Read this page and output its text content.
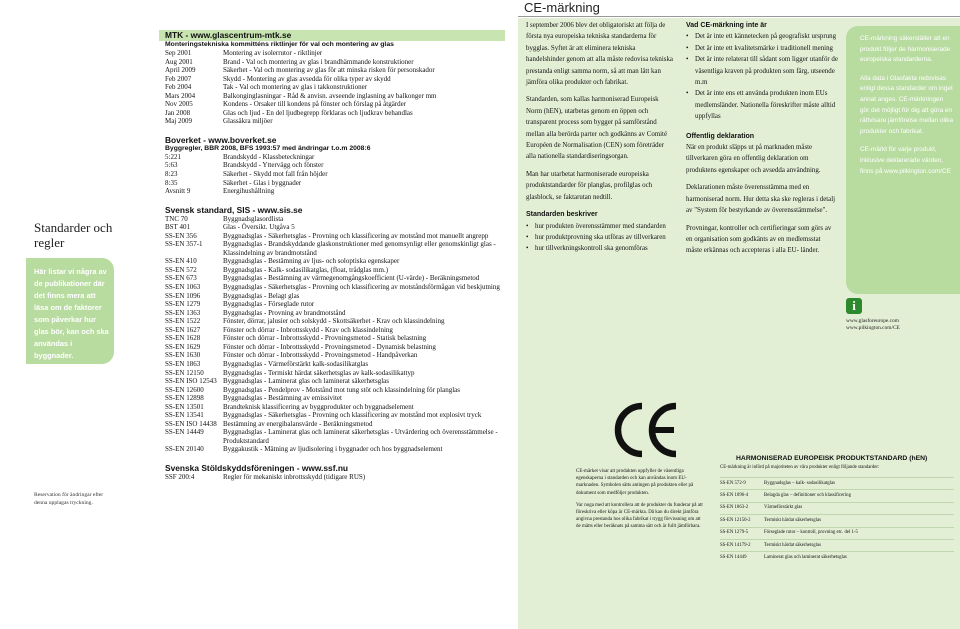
Standarder och regler
Här listar vi några av de publikationer där det finns mera att läsa om de faktorer som påverkar hur glas bör, kan och ska användas i byggnader.
Reservation för ändringar efter denna upplagas tryckning.
MTK - www.glascentrum-mtk.se
Monteringstekniska kommitténs riktlinjer för val och montering av glas
Sep 2001	Montering av isolerrutor - riktlinjer
Aug 2001	Brand - Val och montering av glas i brandhämmande konstruktioner
April 2009	Säkerhet - Val och montering av glas för att minska risken för personskador
Feb 2007	Skydd - Montering av glas avsedda för olika typer av skydd
Feb 2004	Tak - Val och montering av glas i takkonstruktioner
Mars 2004	Balkonginglasningar - Råd & anvisn. avseende inglasning av balkonger mm
Nov 2005	Kondens - Orsaker till kondens på fönster och förslag på åtgärder
Jan 2008	Glas och ljud - En del ljudbegrepp förklaras och ljudkrav behandlas
Maj 2009	Glassäkra miljöer
Boverket - www.boverket.se
Byggregler, BBR 2008, BFS 1993:57 med ändringar t.o.m 2008:6
5:221	Brandskydd - Klassbeteckningar
5:63	Brandskydd - Yttervägg och fönster
8:23	Säkerhet - Skydd mot fall från höjder
8:35	Säkerhet - Glas i byggnader
Avsnitt 9	Energihushållning
Svensk standard, SIS - www.sis.se
TNC 70	Byggnadsglasordlista
BST 401	Glas - Översikt. Utgåva 5
SS-EN 356	Byggnadsglas - Säkerhetsglas - Provning och klassificering av motstånd mot manuellt angrepp
SS-EN 357-1	Byggnadsglas - Brandskyddande glaskonstruktioner med genomsynligt eller genomskinligt glas - Klassindelning av brandmotstånd
SS-EN 410	Byggnadsglas - Bestämning av ljus- och soloptiska egenskaper
SS-EN 572	Byggnadsglas - Kalk- sodasilikatglas, (float, trådglas mm.)
SS-EN 673	Byggnadsglas - Bestämning av värmegenomgångskoefficient (U-värde) - Beräkningsmetod
SS-EN 1063	Byggnadsglas - Säkerhetsglas - Provning och klassificering av motståndsförmågan vid beskjutning
SS-EN 1096	Byggnadsglas - Belagt glas
SS-EN 1279	Byggnadsglas - Förseglade rutor
SS-EN 1363	Byggnadsglas - Provning av brandmotstånd
SS-EN 1522	Fönster, dörrar, jalusier och solskydd - Skottsäkerhet - Krav och klassindelning
SS-EN 1627	Fönster och dörrar - Inbrottsskydd - Krav och klassindelning
SS-EN 1628	Fönster och dörrar - Inbrottsskydd - Provningsmetod - Statisk belastning
SS-EN 1629	Fönster och dörrar - Inbrottsskydd - Provningsmetod - Dynamisk belastning
SS-EN 1630	Fönster och dörrar - Inbrottsskydd - Provningsmetod - Handpåverkan
SS-EN 1863	Byggnadsglas - Värmeförstärkt kalk-sodasilikatglas
SS-EN 12150	Byggnadsglas - Termiskt härdat säkerhetsglas av kalk-sodasilikattyp
SS-EN ISO 12543 Byggnadsglas - Laminerat glas och laminerat säkerhetsglas
SS-EN 12600	Byggnadsglas - Pendelprov - Motstånd mot tung stöt och klassindelning för planglas
SS-EN 12898	Byggnadsglas - Bestämning av emissivitet
SS-EN 13501	Brandteknisk klassificering av byggprodukter och byggnadselement
SS-EN 13541	Byggnadsglas - Säkerhetsglas - Provning och klassificering av motstånd mot explosivt tryck
SS-EN ISO 14438 Bestämning av energibalansvärde - Beräkningsmetod
SS-EN 14449	Byggnadsglas - Laminerat glas och laminerat säkerhetsglas - Utvärdering och överensstämmelse - Produktstandard
SS-EN 20140	Byggakustik - Mätning av ljudisolering i byggnader och hos byggnadselement
Svenska Stöldskyddsföreningen - www.ssf.nu
SSF 200:4	Regler för mekaniskt inbrottsskydd (tidigare RUS)
CE-märkning

I september 2006 blev det obligatoriskt att följa de första nya europeiska tekniska standarderna för bygglas. Syftet är att eliminera tekniska handelshinder genom att alla måste redovisa tekniska prestanda enligt samma norm, så att man lätt kan jämföra olika produkter och fabrikat.

Standarden, som kallas harmoniserad Europeisk Norm (hEN), utarbetas genom en öppen och transparent process som bygger på samförstånd mellan alla berörda parter och godkänns av Comité Européen de Normalisation (CEN) som företräder alla nationella standardiseringsorgan.

Man har utarbetat harmoniserade europeiska produktstandarder för planglas, profilglas och glasblock, se faktarutan nedtill.

Standarden beskriver
• hur produkten överensstämmer med standarden
• hur produktprovning ska utföras av tillverkaren
• hur tillverkningskontroll ska genomföras
Vad CE-märkning inte är
• Det är inte ett kännetecken på geografiskt ursprung
• Det är inte ett kvalitetsmärke i traditionell mening
• Det är inte relaterat till sådant som ligger utanför de väsentliga kraven på produkten som färg, utseende m.m
• Det är inte ens ett använda produkten inom EUs medlemsländer. Nationella föreskrifter måste alltid uppfyllas
Offentlig deklaration

När en produkt släpps ut på marknaden måste tillverkaren göra en offentlig deklaration om produktens egenskaper och avsedda användning.

Deklarationen måste överensstämma med en harmoniserad norm. Hur detta ska ske regleras i detalj av "System för bestyrkande av överensstämmelse".

Provningar, kontroller och certifieringar som görs av en organisation som godkänts av en medlemsstat måste erkännas och accepteras i alla EU- länder.

CE-märkning säkerställer att en produkt följer de harmoniserade europeiska standarderna.

Alla data i Glasfakta redovisas enligt dessa standarder om inget annat anges. CE-märkningen gör det möjligt för dig att göra en rättvisare jämförelse mellan olika produkter och fabrikat.

CE-märkt för varje produkt, inklusive deklarerade värden, finns på www.pilkington.com/CE

i
www.glasforeurope.com
www.pilkington.com/CE

CE-märket visar att produkten uppfyller de väsentliga egenskaperna i standarden och kan användas inom EU-marknaden. Symbolen sätts antingen på produkten eller på dokument som medföljer produkten.

Var noga med att kontrollera att de produkter du funderar på att föreskriva eller köpa är CE-märkta. Då kan du direkt jämföra angivna prestanda hos olika fabrikat i trygg förvissning om att de mätts eller beräknats på samma sätt och är fullt jämförbara.

HARMONISERAD EUROPEISK PRODUKTSTANDARD (hEN)
CE-märkning är införd på majoriteten av våra produkter enligt följande standarder:
SS-EN 572-9	Byggnadsglas – kalk- sodasilikatglas
SS-EN 1096-4	Belagda glas – definitioner och klassificering
SS-EN 1863-2	Värmeförstärkt glas
SS-EN 12150-2	Termiskt härdat säkerhetsglas
SS-EN 1279-5	Förseglade rutor – kontroll, provning etc. del 1-5
SS-EN 14179-2	Termiskt härdat säkerhetsglas
SS-EN 14449	Laminerat glas och laminerat säkerhetsglas
